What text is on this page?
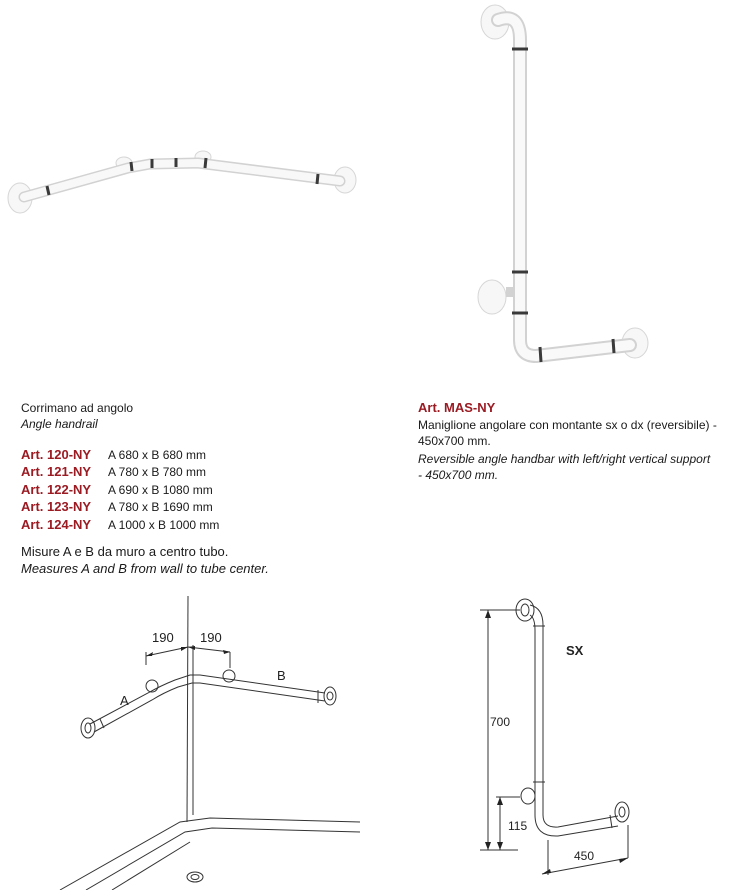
Corrimano ad angolo
Angle handrail
Art. 120-NY A 680 x B 680 mm
Art. 121-NY A 780 x B 780 mm
Art. 122-NY A 690 x B 1080 mm
Art. 123-NY A 780 x B 1690 mm
Art. 124-NY A 1000 x B 1000 mm
Misure A e B da muro a centro tubo.
Measures A and B from wall to tube center.
Art. MAS-NY
Maniglione angolare con montante sx o dx (reversibile) -
450x700 mm.
Reversible angle handbar with left/right vertical support
- 450x700 mm.
190 190
A
B
SX
700
115
450
